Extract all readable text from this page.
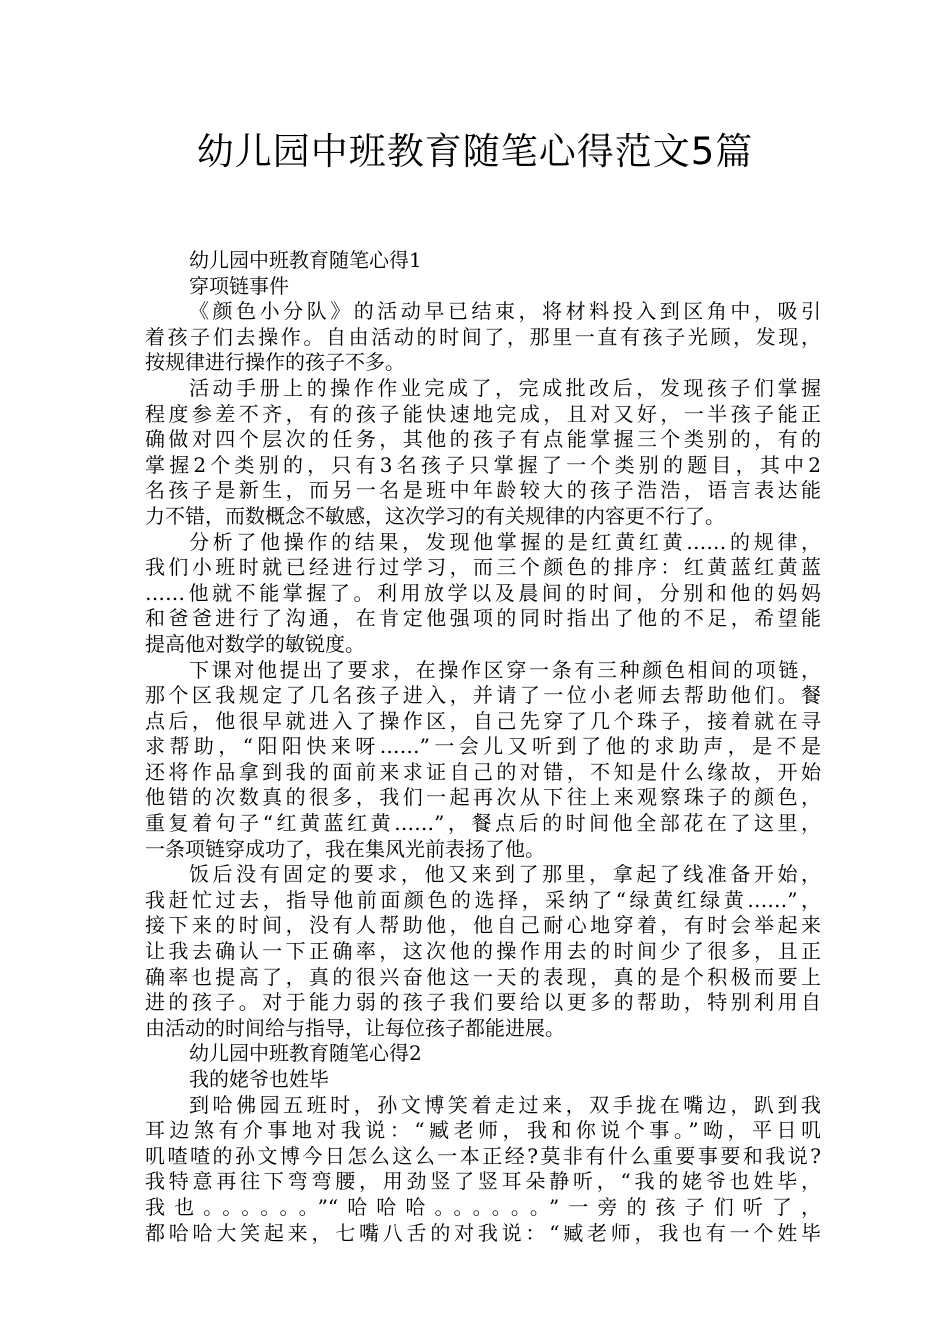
幼儿园中班教育随笔心得范文5篇
幼儿园中班教育随笔心得1
穿项链事件
《颜色小分队》的活动早已结束，将材料投入到区角中，吸引
着孩子们去操作。自由活动的时间了，那里一直有孩子光顾，发现，
按规律进行操作的孩子不多。
活动手册上的操作作业完成了，完成批改后，发现孩子们掌握
程度参差不齐，有的孩子能快速地完成，且对又好，一半孩子能正
确做对四个层次的任务，其他的孩子有点能掌握三个类别的，有的
掌握2个类别的，只有3名孩子只掌握了一个类别的题目，其中2
名孩子是新生，而另一名是班中年龄较大的孩子浩浩，语言表达能
力不错，而数概念不敏感，这次学习的有关规律的内容更不行了。
分析了他操作的结果，发现他掌握的是红黄红黄……的规律，
我们小班时就已经进行过学习，而三个颜色的排序：红黄蓝红黄蓝
……他就不能掌握了。利用放学以及晨间的时间，分别和他的妈妈
和爸爸进行了沟通，在肯定他强项的同时指出了他的不足，希望能
提高他对数学的敏锐度。
下课对他提出了要求，在操作区穿一条有三种颜色相间的项链，
那个区我规定了几名孩子进入，并请了一位小老师去帮助他们。餐
点后，他很早就进入了操作区，自己先穿了几个珠子，接着就在寻
求帮助，“阳阳快来呀……”一会儿又听到了他的求助声，是不是
还将作品拿到我的面前来求证自己的对错，不知是什么缘故，开始
他错的次数真的很多，我们一起再次从下往上来观察珠子的颜色，
重复着句子“红黄蓝红黄……”，餐点后的时间他全部花在了这里，
一条项链穿成功了，我在集风光前表扬了他。
饭后没有固定的要求，他又来到了那里，拿起了线准备开始，
我赶忙过去，指导他前面颜色的选择，采纳了“绿黄红绿黄……”，
接下来的时间，没有人帮助他，他自己耐心地穿着，有时会举起来
让我去确认一下正确率，这次他的操作用去的时间少了很多，且正
确率也提高了，真的很兴奋他这一天的表现，真的是个积极而要上
进的孩子。对于能力弱的孩子我们要给以更多的帮助，特别利用自
由活动的时间给与指导，让每位孩子都能进展。
幼儿园中班教育随笔心得2
我的姥爷也姓毕
到哈佛园五班时，孙文博笑着走过来，双手拢在嘴边，趴到我
耳边煞有介事地对我说：“臧老师，我和你说个事。”呦，平日叽
叽喳喳的孙文博今日怎么这么一本正经?莫非有什么重要事要和我说?
我特意再往下弯弯腰，用劲竖了竖耳朵静听，“我的姥爷也姓毕，
我也。。。。。。”“哈哈哈。。。。。。”一旁的孩子们听了，
都哈哈大笑起来，七嘴八舌的对我说：“臧老师，我也有一个姓毕
